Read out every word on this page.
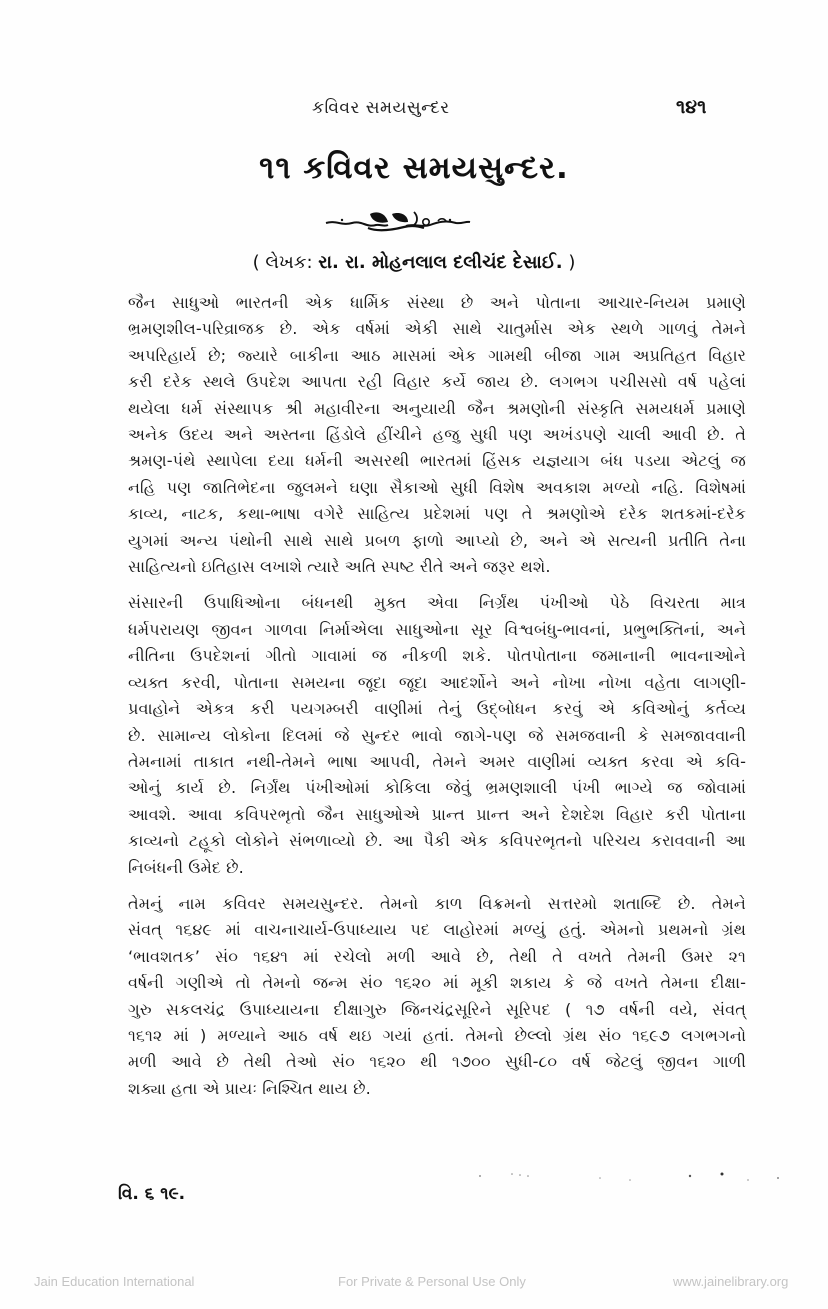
કવિવર સમયસુન્દર	૧૪૧
૧૧ કવિવર સમયસુન્દર.
( લેખક: રા. રા. મોહનલાલ દલીચંદ દેસાઈ. )

જૈન સાધુઓ ભારતની એક ધાર્મિક સંસ્થા છે અને પોતાના આચાર-નિયમ પ્રમાણે
ભ્રમણશીલ-પરિવ્રાજક છે. એક વર્ષમાં એકી સાથે ચાતુર્માસ એક સ્થળે ગાળવું તેમને
અપરિહાર્ય છે; જ્યારે બાકીના આઠ માસમાં એક ગામથી બીજા ગામ અપ્રતિહત વિહાર
કરી દરેક સ્થલે ઉપદેશ આપતા રહી વિહાર કર્યે જાય છે. લગભગ પચીસસો વર્ષ પહેલાં
થયેલા ધર્મ સંસ્થાપક શ્રી મહાવીરના અનુયાયી જૈન શ્રમણોની સંસ્કૃતિ સમયધર્મ પ્રમાણે
અનેક ઉદય અને અસ્તના હિંડોલે હીંચીને હજુ સુધી પણ અખંડપણે ચાલી આવી છે. તે
શ્રમણ-પંથે સ્થાપેલા દયા ધર્મની અસરથી ભારતમાં હિંસક યજ્ઞયાગ બંધ પડયા એટલું જ
નહિ પણ જાતિભેદના જુલમને ઘણા સૈકાઓ સુધી વિશેષ અવકાશ મળ્યો નહિ. વિશેષમાં
કાવ્ય, નાટક, કથા-ભાષા વગેરે સાહિત્ય પ્રદેશમાં પણ તે શ્રમણોએ દરેક શતકમાં-દરેક
યુગમાં અન્ય પંથોની સાથે સાથે પ્રબળ ફાળો આપ્યો છે, અને એ સત્યની પ્રતીતિ તેના
સાહિત્યનો ઇતિહાસ લખાશે ત્યારે અતિ સ્પષ્ટ રીતે અને જરૂર થશે.

સંસારની ઉપાધિઓના બંધનથી મુક્ત એવા નિર્ગ્રંથ પંખીઓ પેઠે વિચરતા માત્ર
ધર્મપરાયણ જીવન ગાળવા નિર્માએલા સાધુઓના સૂર વિશ્વબંધુ-ભાવનાં, પ્રભુભક્તિનાં, અને
નીતિના ઉપદેશનાં ગીતો ગાવામાં જ નીકળી શકે. પોતપોતાના જમાનાની ભાવનાઓને
વ્યક્ત કરવી, પોતાના સમયના જૂદા જૂદા આદર્શોને અને નોખા નોખા વહેતા લાગણી-
પ્રવાહોને એકત્ર કરી પયગમ્બરી વાણીમાં તેનું ઉદ્બોધન કરવું એ કવિઓનું કર્તવ્ય
છે. સામાન્ય લોકોના દિલમાં જે સુન્દર ભાવો જાગે-પણ જે સમજવાની કે સમજાવવાની
તેમનામાં તાકાત નથી-તેમને ભાષા આપવી, તેમને અમર વાણીમાં વ્યક્ત કરવા એ કવિ-
ઓનું કાર્ય છે. નિર્ગ્રંથ પંખીઓમાં કોકિલા જેવું ભ્રમણશાલી પંખી ભાગ્યે જ જોવામાં
આવશે. આવા કવિપરભૃતો જૈન સાધુઓએ પ્રાન્ત પ્રાન્ત અને દેશદેશ વિહાર કરી પોતાના
કાવ્યનો ટહૂકો લોકોને સંભળાવ્યો છે. આ પૈકી એક કવિપરભૃતનો પરિચય કરાવવાની આ
નિબંધની ઉમેદ છે.

તેમનું નામ કવિવર સમયસુન્દર. તેમનો કાળ વિક્રમનો સત્તરમો શતાબ્દિ છે. તેમને
સંવત્ ૧૬૪૯ માં વાચનાચાર્ય-ઉપાધ્યાય પદ લાહોરમાં મળ્યું હતું. એમનો પ્રથમનો ગ્રંથ
‘ભાવશતક’ સં૦ ૧૬૪૧ માં રચેલો મળી આવે છે, તેથી તે વખતે તેમની ઉમર ૨૧
વર્ષની ગણીએ તો તેમનો જન્મ સં૦ ૧૬૨૦ માં મૂકી શકાય કે જે વખતે તેમના દીક્ષા-
ગુરુ સકલચંદ્ર ઉપાધ્યાયના દીક્ષાગુરુ જિનચંદ્રસૂરિને સૂરિપદ ( ૧૭ વર્ષની વયે, સંવત્
૧૬૧૨ માં ) મળ્યાને આઠ વર્ષ થઇ ગયાં હતાં. તેમનો છેલ્લો ગ્રંથ સં૦ ૧૬૯૭ લગભગનો
મળી આવે છે તેથી તેઓ સં૦ ૧૬૨૦ થી ૧૭૦૦ સુધી-૮૦ વર્ષ જેટલું જીવન ગાળી
શક્યા હતા એ પ્રાયઃ નિશ્ચિત થાય છે.

વિ. ૬ ૧૯.
Jain Education International	For Private & Personal Use Only	www.jainelibrary.org
